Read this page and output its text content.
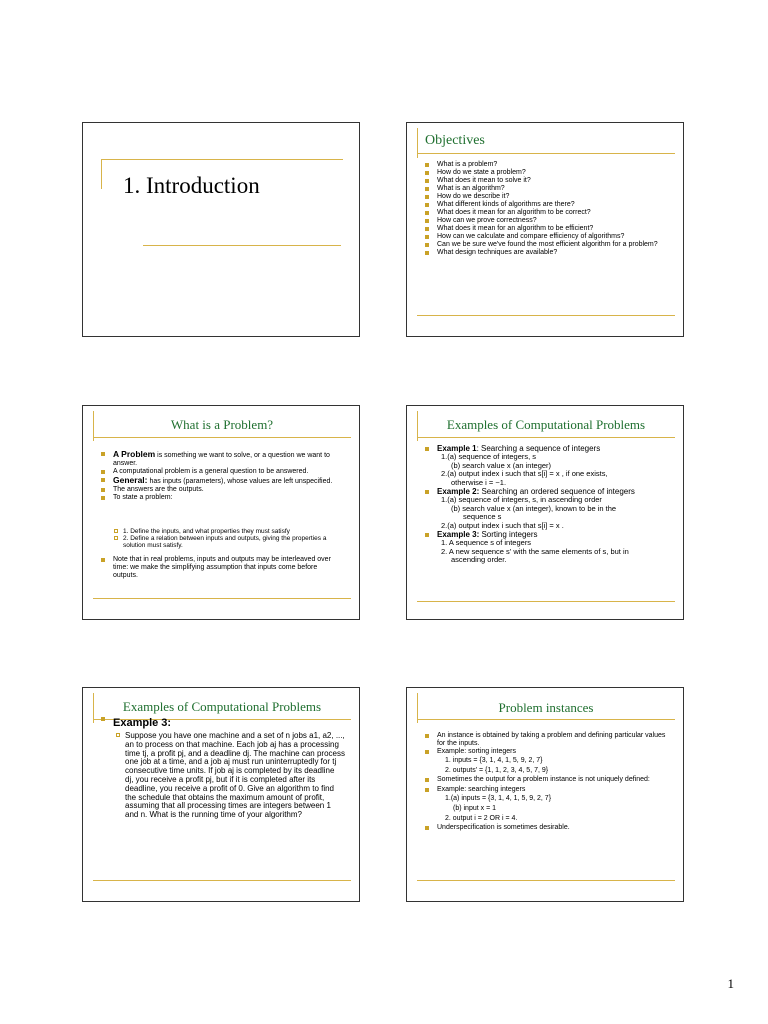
1. Introduction
Objectives
What is a problem?
How do we state a problem?
What does it mean to solve it?
What is an algorithm?
How do we describe it?
What different kinds of algorithms are there?
What does it mean for an algorithm to be correct?
How can we prove correctness?
What does it mean for an algorithm to be efficient?
How can we calculate and compare efficiency of algorithms?
Can we be sure we've found the most efficient algorithm for a problem?
What design techniques are available?
What is a Problem?
A Problem is something we want to solve, or a question we want to answer.
A computational problem is a general question to be answered.
General: has inputs (parameters), whose values are left unspecified.
The answers are the outputs.
To state a problem:
1. Define the inputs, and what properties they must satisfy
2. Define a relation between inputs and outputs, giving the properties a solution must satisfy.
Note that in real problems, inputs and outputs may be interleaved over time: we make the simplifying assumption that inputs come before outputs.
Examples of Computational Problems
Example 1: Searching a sequence of integers
1.(a) sequence of integers, s
(b) search value x (an integer)
2.(a) output index i such that s[i] = x , if one exists,
otherwise i = −1.
Example 2: Searching an ordered sequence of integers
1.(a) sequence of integers, s, in ascending order
(b) search value x (an integer), known to be in the
sequence s
2.(a) output index i such that s[i] = x .
Example 3: Sorting integers
1. A sequence s of integers
2. A new sequence s' with the same elements of s, but in
ascending order.
Examples of Computational Problems
Example 3:
Suppose you have one machine and a set of n jobs a1, a2, ..., an to process on that machine. Each job aj has a processing time tj, a profit pj, and a deadline dj. The machine can process one job at a time, and a job aj must run uninterruptedly for tj consecutive time units. If job aj is completed by its deadline dj, you receive a profit pj, but if it is completed after its deadline, you receive a profit of 0. Give an algorithm to find the schedule that obtains the maximum amount of profit, assuming that all processing times are integers between 1 and n. What is the running time of your algorithm?
Problem instances
An instance is obtained by taking a problem and defining particular values for the inputs.
Example: sorting integers
1. inputs = {3, 1, 4, 1, 5, 9, 2, 7}
2. outputs' = {1, 1, 2, 3, 4, 5, 7, 9}
Sometimes the output for a problem instance is not uniquely defined:
Example: searching integers
1.(a) inputs = {3, 1, 4, 1, 5, 9, 2, 7}
(b) input x = 1
2. output i = 2 OR i = 4.
Underspecification is sometimes desirable.
1
